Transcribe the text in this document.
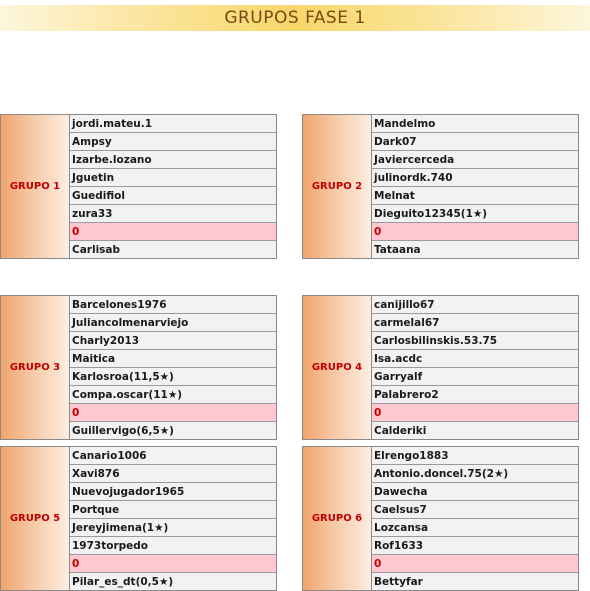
GRUPOS FASE 1
GRUPO 1
jordi.mateu.1
Ampsy
Izarbe.lozano
Jguetin
Guedifiol
zura33
0
Carlisab
GRUPO 2
Mandelmo
Dark07
Javiercerceda
julinordk.740
Melnat
Dieguito12345(1★)
0
Tataana
GRUPO 3
Barcelones1976
Juliancolmenarviejo
Charly2013
Maitica
Karlosroa(11,5★)
Compa.oscar(11★)
0
Guillervigo(6,5★)
GRUPO 4
canijillo67
carmelal67
Carlosbilinskis.53.75
Isa.acdc
Garryalf
Palabrero2
0
Calderiki
GRUPO 5
Canario1006
Xavi876
Nuevojugador1965
Portque
Jereyjimena(1★)
1973torpedo
0
Pilar_es_dt(0,5★)
GRUPO 6
Elrengo1883
Antonio.doncel.75(2★)
Dawecha
Caelsus7
Lozcansa
Rof1633
0
Bettyfar
